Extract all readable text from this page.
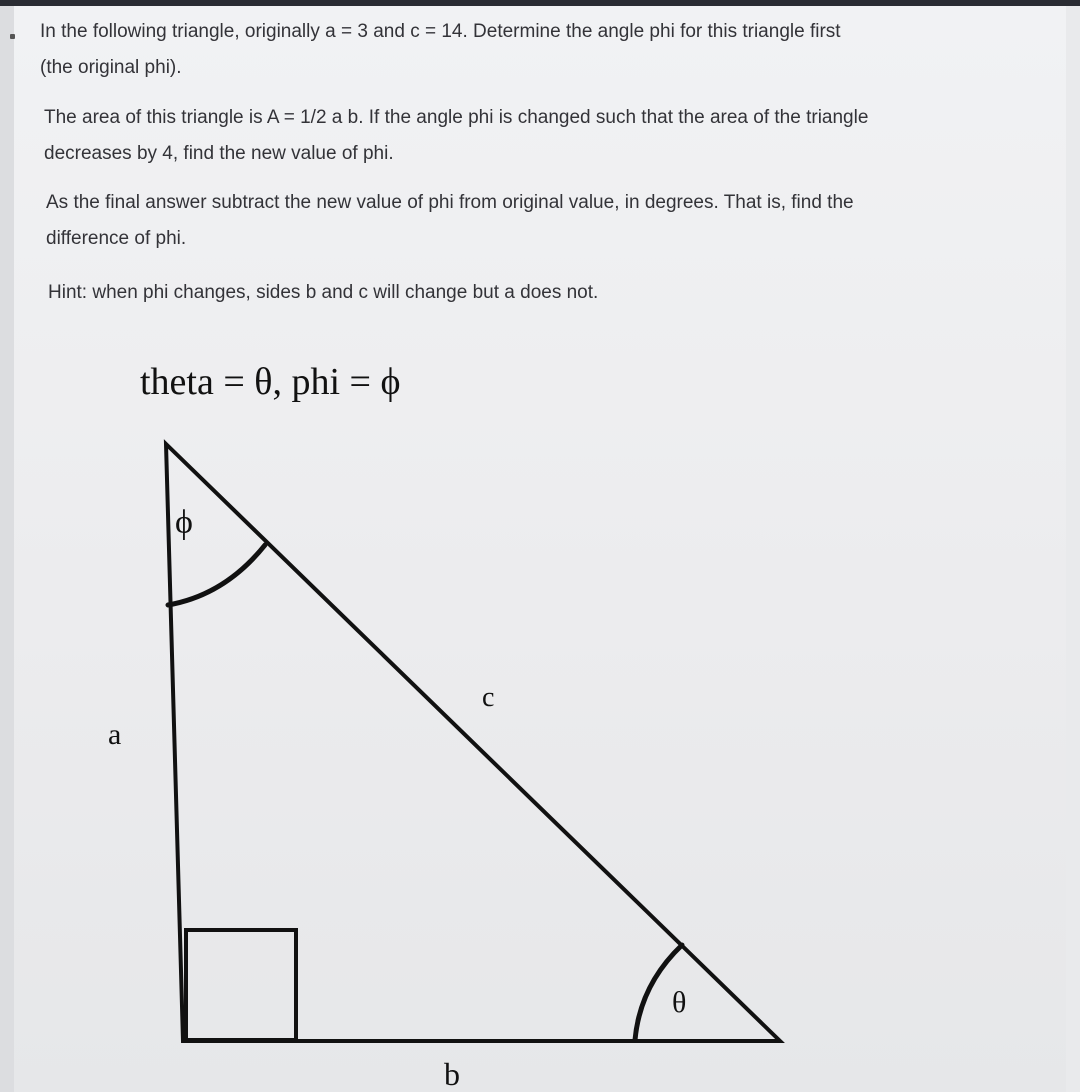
In the following triangle, originally a = 3 and c = 14. Determine the angle phi for this triangle first
(the original phi).

The area of this triangle is A = 1/2 a b. If the angle phi is changed such that the area of the triangle
decreases by 4, find the new value of phi.

As the final answer subtract the new value of phi from original value, in degrees. That is, find the
difference of phi.

Hint: when phi changes, sides b and c will change but a does not.

theta = θ, phi = ϕ
ϕ
c
a
θ
b
